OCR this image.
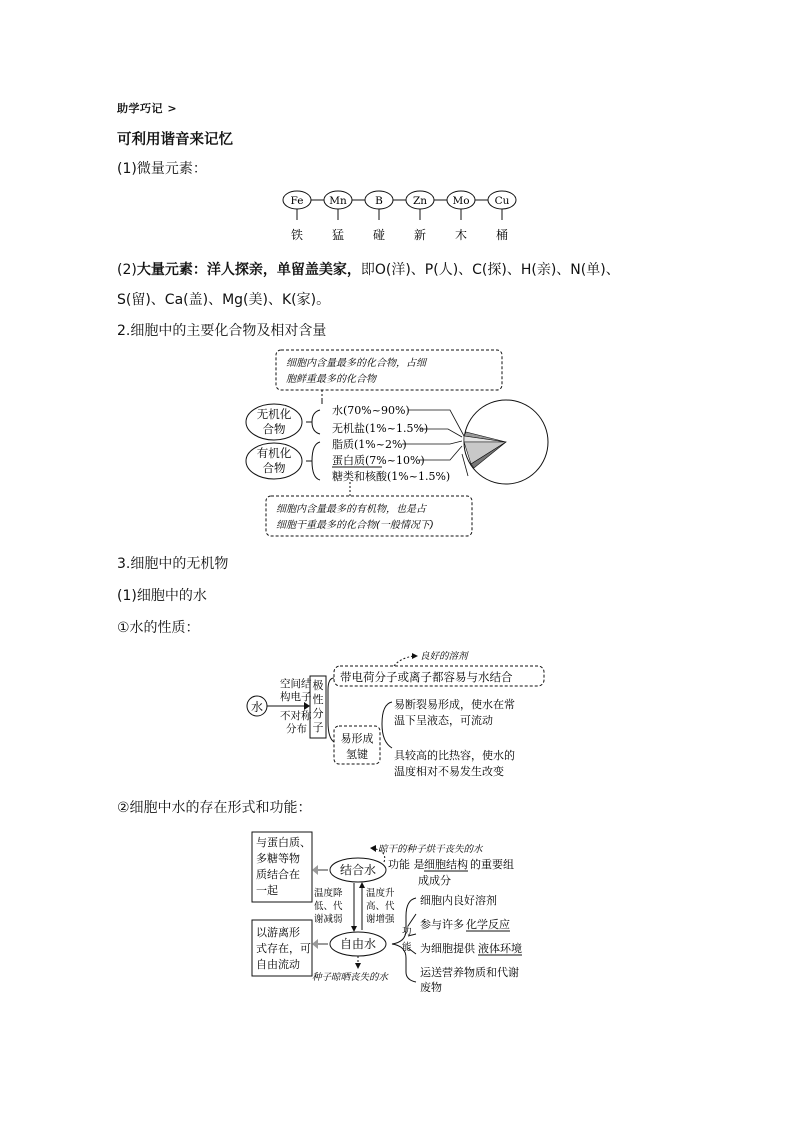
助学巧记 >
可利用谐音来记忆
(1)微量元素：
Fe
铁
Mn
猛
B
碰
Zn
新
Mo
木
Cu
桶
(2)大量元素：洋人探亲，单留盖美家，即O(洋)、P(人)、C(探)、H(亲)、N(单)、
S(留)、Ca(盖)、Mg(美)、K(家)。
2.细胞中的主要化合物及相对含量
细胞内含量最多的化合物，占细
胞鲜重最多的化合物
无机化
合物
有机化
合物
水(70%~90%)
无机盐(1%~1.5%)
脂质(1%~2%)
蛋白质(7%~10%)
糖类和核酸(1%~1.5%)
细胞内含量最多的有机物，也是占
细胞干重最多的化合物(一般情况下)
3.细胞中的无机物
(1)细胞中的水
①水的性质：
水
空间结
构电子
不对称
分布
极
性
分
子
带电荷分子或离子都容易与水结合
良好的溶剂
易形成
氢键
易断裂易形成，使水在常
温下呈液态，可流动
具较高的比热容，使水的
温度相对不易发生改变
②细胞中水的存在形式和功能：
与蛋白质、
多糖等物
质结合在
一起
以游离形
式存在，可
自由流动
结合水
自由水
温度降
低、代
谢减弱
温度升
高、代
谢增强
功
能
晾干的种子烘干丧失的水
种子晾晒丧失的水
功能 是 细胞结构 的重要组
成成分
细胞内良好溶剂
参与许多 化学反应
为细胞提供 液体环境
运送营养物质和代谢
废物
